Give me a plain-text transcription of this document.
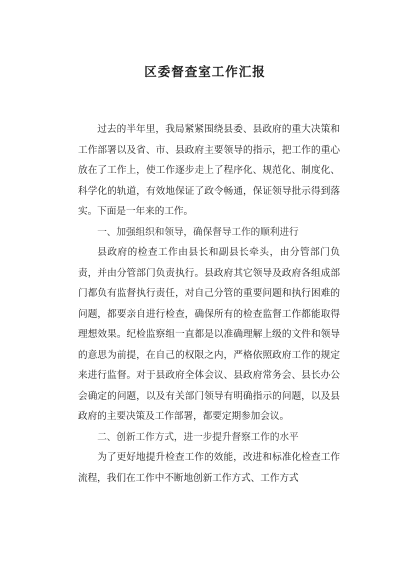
区委督查室工作汇报

过去的半年里，我局紧紧围绕县委、县政府的重大决策和工作部署以及省、市、县政府主要领导的指示，把工作的重心放在了工作上，使工作逐步走上了程序化、规范化、制度化、科学化的轨道，有效地保证了政令畅通，保证领导批示得到落实。下面是一年来的工作。

一、加强组织和领导，确保督导工作的顺利进行

县政府的检查工作由县长和副县长牵头，由分管部门负责，并由分管部门负责执行。县政府其它领导及政府各组成部门都负有监督执行责任，对自己分管的重要问题和执行困难的问题，都要亲自进行检查，确保所有的检查监督工作都能取得理想效果。纪检监察组一直都是以准确理解上级的文件和领导的意思为前提，在自己的权限之内，严格依照政府工作的规定来进行监督。对于县政府全体会议、县政府常务会、县长办公会确定的问题，以及有关部门领导有明确指示的问题，以及县政府的主要决策及工作部署，都要定期参加会议。

二、创新工作方式，进一步提升督察工作的水平

为了更好地提升检查工作的效能，改进和标准化检查工作流程，我们在工作中不断地创新工作方式、工作方式
